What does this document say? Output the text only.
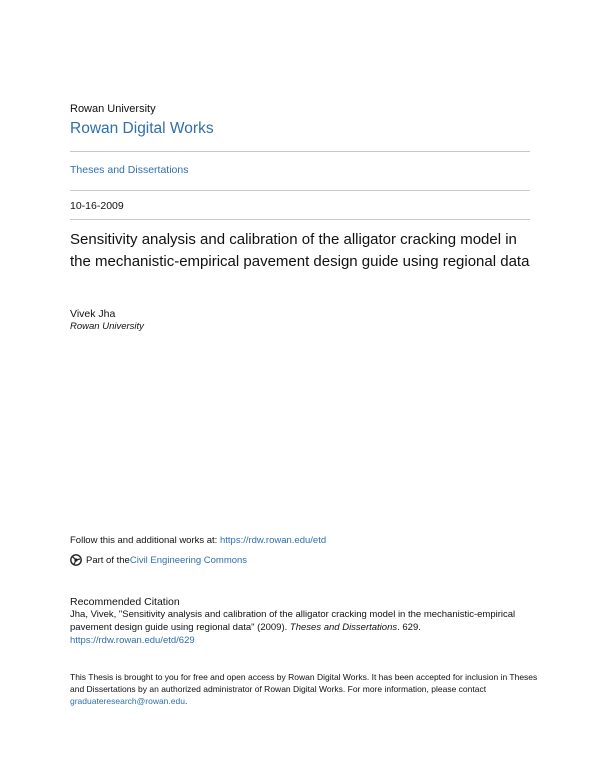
Rowan University
Rowan Digital Works
Theses and Dissertations
10-16-2009
Sensitivity analysis and calibration of the alligator cracking model in the mechanistic-empirical pavement design guide using regional data
Vivek Jha
Rowan University
Follow this and additional works at: https://rdw.rowan.edu/etd
Part of the Civil Engineering Commons
Recommended Citation
Jha, Vivek, "Sensitivity analysis and calibration of the alligator cracking model in the mechanistic-empirical pavement design guide using regional data" (2009). Theses and Dissertations. 629.
https://rdw.rowan.edu/etd/629
This Thesis is brought to you for free and open access by Rowan Digital Works. It has been accepted for inclusion in Theses and Dissertations by an authorized administrator of Rowan Digital Works. For more information, please contact graduateresearch@rowan.edu.
